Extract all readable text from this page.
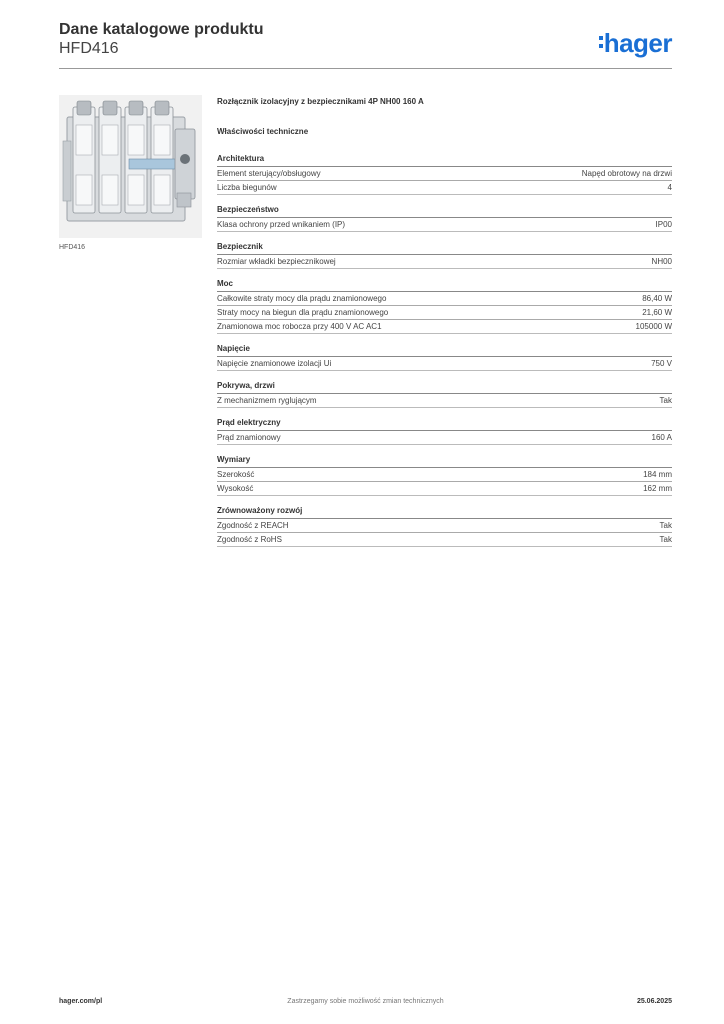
Dane katalogowe produktu
HFD416	hager
HFD416
Rozłącznik izolacyjny z bezpiecznikami 4P NH00 160 A
Właściwości techniczne
Architektura
Element sterujący/obsługowy	Napęd obrotowy na drzwi
Liczba biegunów	4
Bezpieczeństwo
Klasa ochrony przed wnikaniem (IP)	IP00
Bezpiecznik
Rozmiar wkładki bezpiecznikowej	NH00
Moc
Całkowite straty mocy dla prądu znamionowego	86,40 W
Straty mocy na biegun dla prądu znamionowego	21,60 W
Znamionowa moc robocza przy 400 V AC AC1	105000 W
Napięcie
Napięcie znamionowe izolacji Ui	750 V
Pokrywa, drzwi
Z mechanizmem ryglującym	Tak
Prąd elektryczny
Prąd znamionowy	160 A
Wymiary
Szerokość	184 mm
Wysokość	162 mm
Zrównoważony rozwój
Zgodność z REACH	Tak
Zgodność z RoHS	Tak
hager.com/pl	Zastrzegamy sobie możliwość zmian technicznych	25.06.2025
